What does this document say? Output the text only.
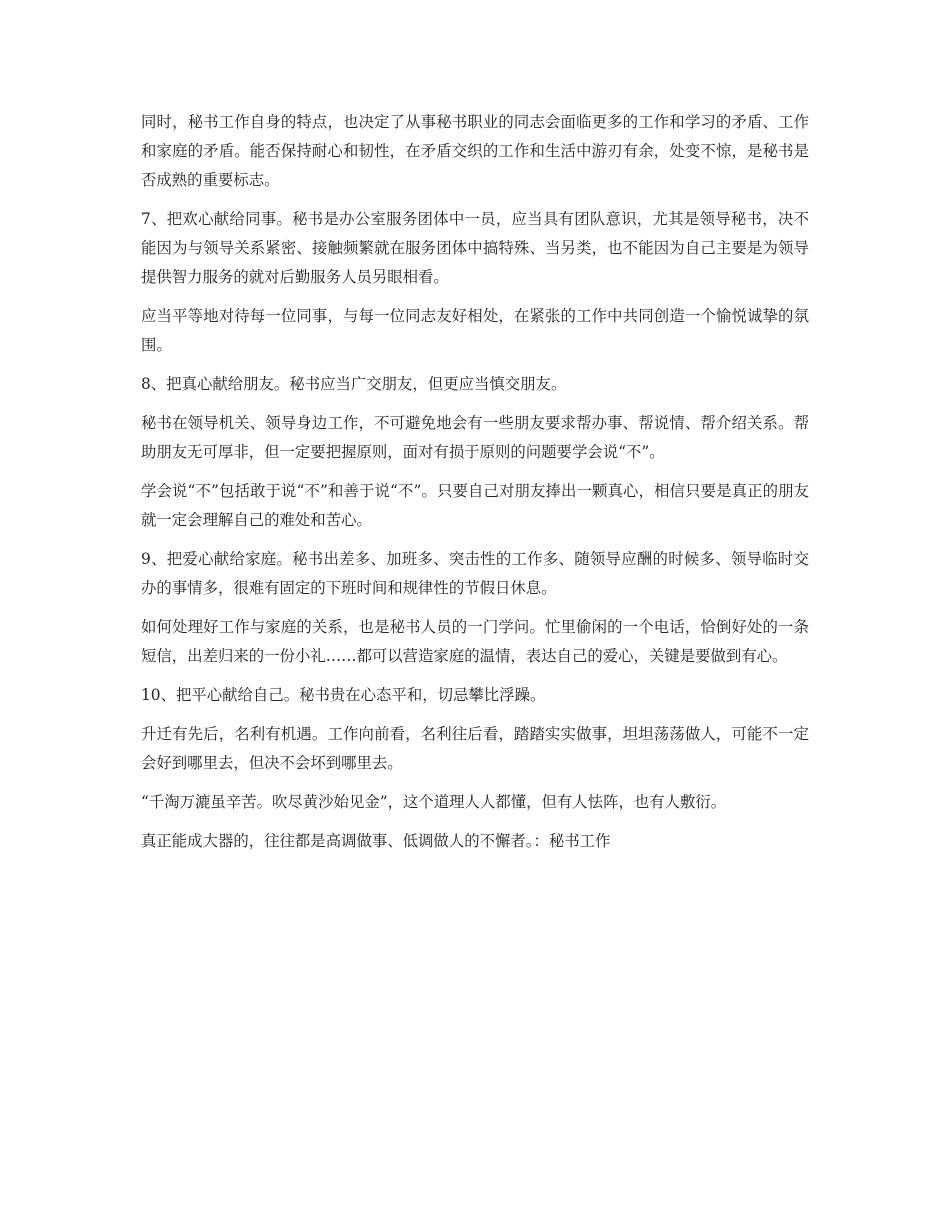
同时，秘书工作自身的特点，也决定了从事秘书职业的同志会面临更多的工作和学习的矛盾、工作和家庭的矛盾。能否保持耐心和韧性，在矛盾交织的工作和生活中游刃有余，处变不惊，是秘书是否成熟的重要标志。

7、把欢心献给同事。秘书是办公室服务团体中一员，应当具有团队意识，尤其是领导秘书，决不能因为与领导关系紧密、接触频繁就在服务团体中搞特殊、当另类，也不能因为自己主要是为领导提供智力服务的就对后勤服务人员另眼相看。

应当平等地对待每一位同事，与每一位同志友好相处，在紧张的工作中共同创造一个愉悦诚挚的氛围。

8、把真心献给朋友。秘书应当广交朋友，但更应当慎交朋友。

秘书在领导机关、领导身边工作，不可避免地会有一些朋友要求帮办事、帮说情、帮介绍关系。帮助朋友无可厚非，但一定要把握原则，面对有损于原则的问题要学会说“不”。

学会说“不”包括敢于说“不”和善于说“不”。只要自己对朋友捧出一颗真心，相信只要是真正的朋友就一定会理解自己的难处和苦心。

9、把爱心献给家庭。秘书出差多、加班多、突击性的工作多、随领导应酬的时候多、领导临时交办的事情多，很难有固定的下班时间和规律性的节假日休息。

如何处理好工作与家庭的关系，也是秘书人员的一门学问。忙里偷闲的一个电话，恰倒好处的一条短信，出差归来的一份小礼……都可以营造家庭的温情，表达自己的爱心，关键是要做到有心。

10、把平心献给自己。秘书贵在心态平和，切忌攀比浮躁。

升迁有先后，名利有机遇。工作向前看，名利往后看，踏踏实实做事，坦坦荡荡做人，可能不一定会好到哪里去，但决不会坏到哪里去。

“千淘万漉虽辛苦。吹尽黄沙始见金”，这个道理人人都懂，但有人怯阵，也有人敷衍。

真正能成大器的，往往都是高调做事、低调做人的不懈者。：秘书工作
